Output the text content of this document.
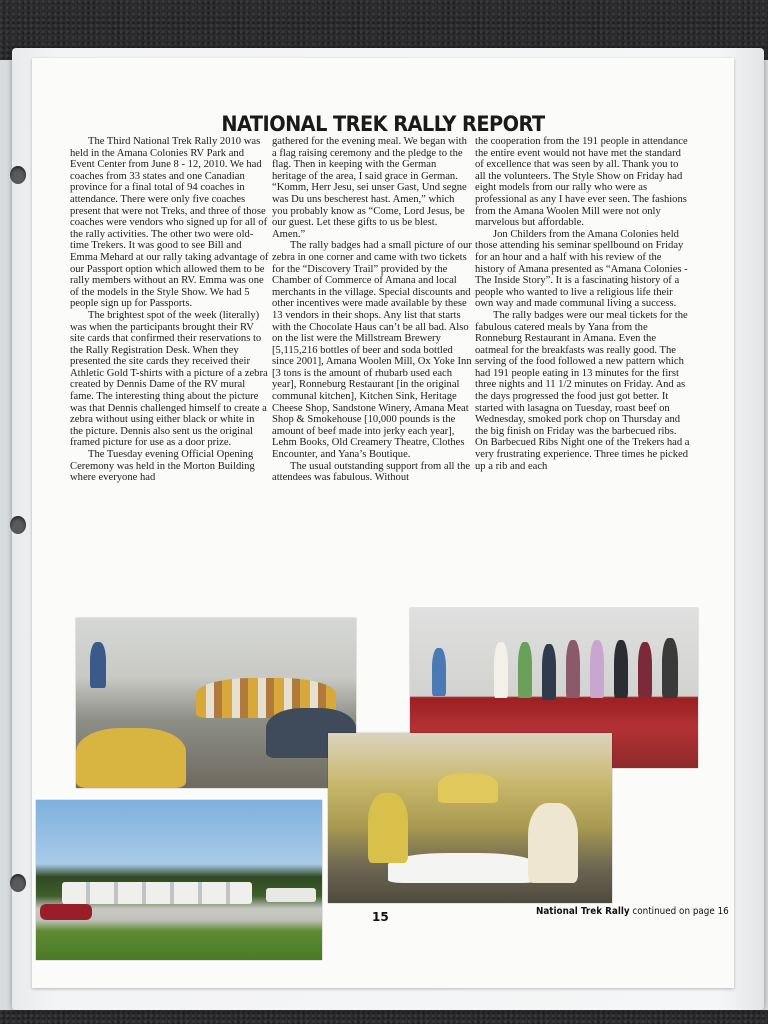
NATIONAL TREK RALLY REPORT

The Third National Trek Rally 2010 was held in the Amana Colonies RV Park and Event Center from June 8 - 12, 2010. We had coaches from 33 states and one Canadian province for a final total of 94 coaches in attendance. There were only five coaches present that were not Treks, and three of those coaches were vendors who signed up for all of the rally activities. The other two were old-time Trekers. It was good to see Bill and Emma Mehard at our rally taking advantage of our Passport option which allowed them to be rally members without an RV. Emma was one of the models in the Style Show. We had 5 people sign up for Passports.

The brightest spot of the week (literally) was when the participants brought their RV site cards that confirmed their reservations to the Rally Registration Desk. When they presented the site cards they received their Athletic Gold T-shirts with a picture of a zebra created by Dennis Dame of the RV mural fame. The interesting thing about the picture was that Dennis challenged himself to create a zebra without using either black or white in the picture. Dennis also sent us the original framed picture for use as a door prize.

The Tuesday evening Official Opening Ceremony was held in the Morton Building where everyone had

gathered for the evening meal. We began with a flag raising ceremony and the pledge to the flag. Then in keeping with the German heritage of the area, I said grace in German. “Komm, Herr Jesu, sei unser Gast, Und segne was Du uns bescherest hast. Amen,” which you probably know as “Come, Lord Jesus, be our guest. Let these gifts to us be blest. Amen.”

The rally badges had a small picture of our zebra in one corner and came with two tickets for the “Discovery Trail” provided by the Chamber of Commerce of Amana and local merchants in the village. Special discounts and other incentives were made available by these 13 vendors in their shops. Any list that starts with the Chocolate Haus can’t be all bad. Also on the list were the Millstream Brewery [5,115,216 bottles of beer and soda bottled since 2001], Amana Woolen Mill, Ox Yoke Inn [3 tons is the amount of rhubarb used each year], Ronneburg Restaurant [in the original communal kitchen], Kitchen Sink, Heritage Cheese Shop, Sandstone Winery, Amana Meat Shop & Smokehouse [10,000 pounds is the amount of beef made into jerky each year], Lehm Books, Old Creamery Theatre, Clothes Encounter, and Yana’s Boutique.

The usual outstanding support from all the attendees was fabulous. Without

the cooperation from the 191 people in attendance the entire event would not have met the standard of excellence that was seen by all. Thank you to all the volunteers. The Style Show on Friday had eight models from our rally who were as professional as any I have ever seen. The fashions from the Amana Woolen Mill were not only marvelous but affordable.

Jon Childers from the Amana Colonies held those attending his seminar spellbound on Friday for an hour and a half with his review of the history of Amana presented as “Amana Colonies - The Inside Story”. It is a fascinating history of a people who wanted to live a religious life their own way and made communal living a success.

The rally badges were our meal tickets for the fabulous catered meals by Yana from the Ronneburg Restaurant in Amana. Even the oatmeal for the breakfasts was really good. The serving of the food followed a new pattern which had 191 people eating in 13 minutes for the first three nights and 11 1/2 minutes on Friday. And as the days progressed the food just got better. It started with lasagna on Tuesday, roast beef on Wednesday, smoked pork chop on Thursday and the big finish on Friday was the barbecued ribs. On Barbecued Ribs Night one of the Trekers had a very frustrating experience. Three times he picked up a rib and each

15	National Trek Rally continued on page 16
